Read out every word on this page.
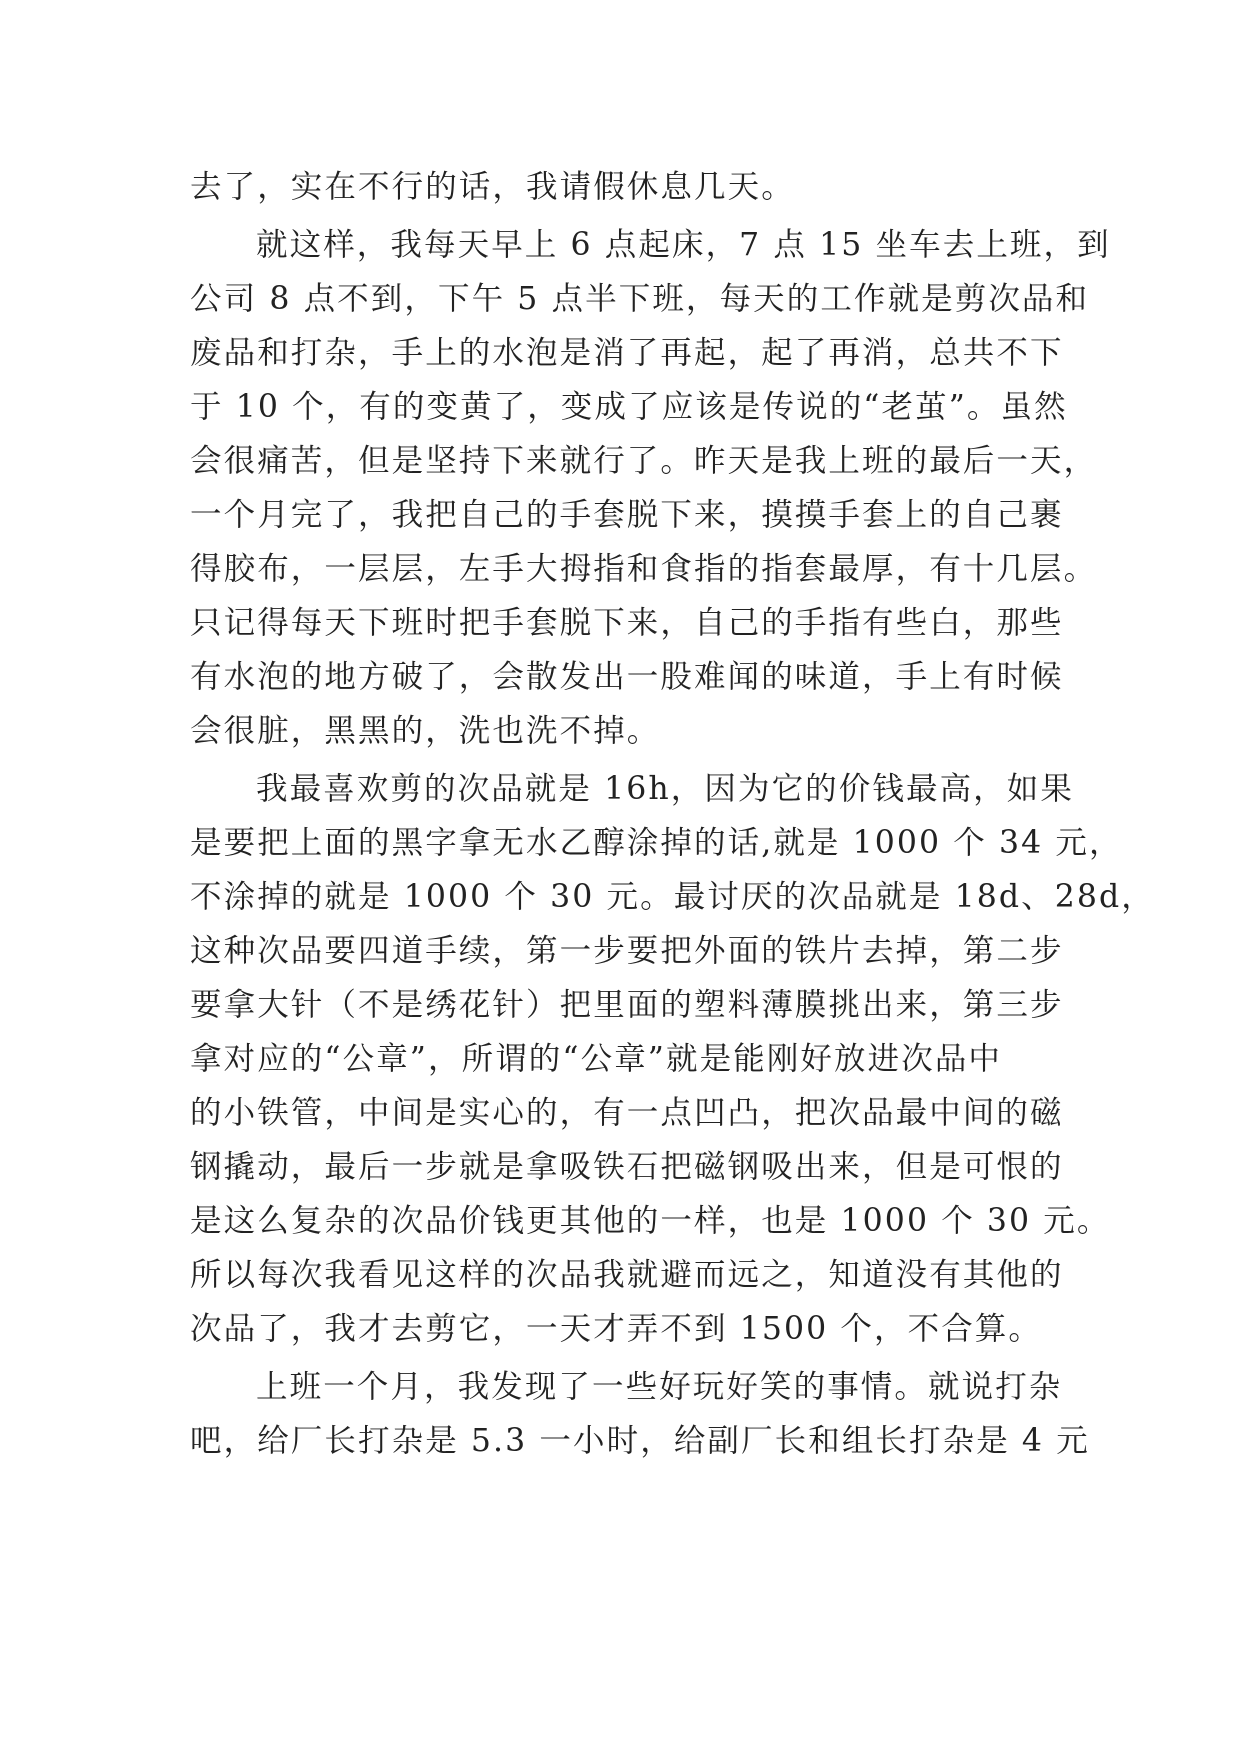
去了，实在不行的话，我请假休息几天。
就这样，我每天早上 6 点起床，7 点 15 坐车去上班，到
公司 8 点不到，下午 5 点半下班，每天的工作就是剪次品和
废品和打杂，手上的水泡是消了再起，起了再消，总共不下
于 10 个，有的变黄了，变成了应该是传说的“老茧”。虽然
会很痛苦，但是坚持下来就行了。昨天是我上班的最后一天，
一个月完了，我把自己的手套脱下来，摸摸手套上的自己裹
得胶布，一层层，左手大拇指和食指的指套最厚，有十几层。
只记得每天下班时把手套脱下来，自己的手指有些白，那些
有水泡的地方破了，会散发出一股难闻的味道，手上有时候
会很脏，黑黑的，洗也洗不掉。
我最喜欢剪的次品就是 16h，因为它的价钱最高，如果
是要把上面的黑字拿无水乙醇涂掉的话,就是 1000 个 34 元，
不涂掉的就是 1000 个 30 元。最讨厌的次品就是 18d、28d，
这种次品要四道手续，第一步要把外面的铁片去掉，第二步
要拿大针（不是绣花针）把里面的塑料薄膜挑出来，第三步
拿对应的“公章”，所谓的“公章”就是能刚好放进次品中
的小铁管，中间是实心的，有一点凹凸，把次品最中间的磁
钢撬动，最后一步就是拿吸铁石把磁钢吸出来，但是可恨的
是这么复杂的次品价钱更其他的一样，也是 1000 个 30 元。
所以每次我看见这样的次品我就避而远之，知道没有其他的
次品了，我才去剪它，一天才弄不到 1500 个，不合算。
上班一个月，我发现了一些好玩好笑的事情。就说打杂
吧，给厂长打杂是 5.3 一小时，给副厂长和组长打杂是 4 元
